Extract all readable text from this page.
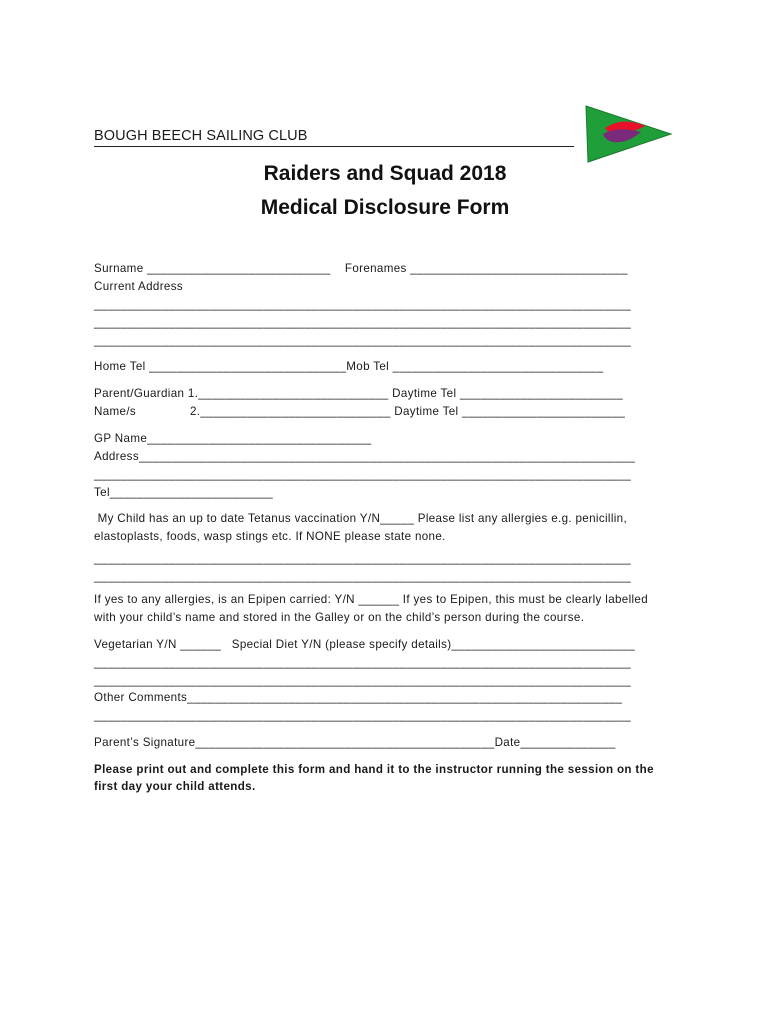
BOUGH BEECH SAILING CLUB

Raiders and Squad 2018
Medical Disclosure Form
Surname ___________________________    Forenames ________________________________
Current Address
_______________________________________________________________________________
_______________________________________________________________________________
_______________________________________________________________________________
Home Tel _____________________________Mob Tel _______________________________
Parent/Guardian 1.____________________________ Daytime Tel ________________________
Name/s	2.____________________________ Daytime Tel ________________________
GP Name_________________________________
Address_________________________________________________________________________
_______________________________________________________________________________
Tel________________________
My Child has an up to date Tetanus vaccination Y/N_____ Please list any allergies e.g. penicillin,
elastoplasts, foods, wasp stings etc. If NONE please state none.
_______________________________________________________________________________
_______________________________________________________________________________
If yes to any allergies, is an Epipen carried: Y/N ______ If yes to Epipen, this must be clearly labelled
with your child’s name and stored in the Galley or on the child’s person during the course.
Vegetarian Y/N ______   Special Diet Y/N (please specify details)___________________________
_______________________________________________________________________________
_______________________________________________________________________________
Other Comments________________________________________________________________
_______________________________________________________________________________
Parent’s Signature____________________________________________Date______________
Please print out and complete this form and hand it to the instructor running the session on the
first day your child attends.
